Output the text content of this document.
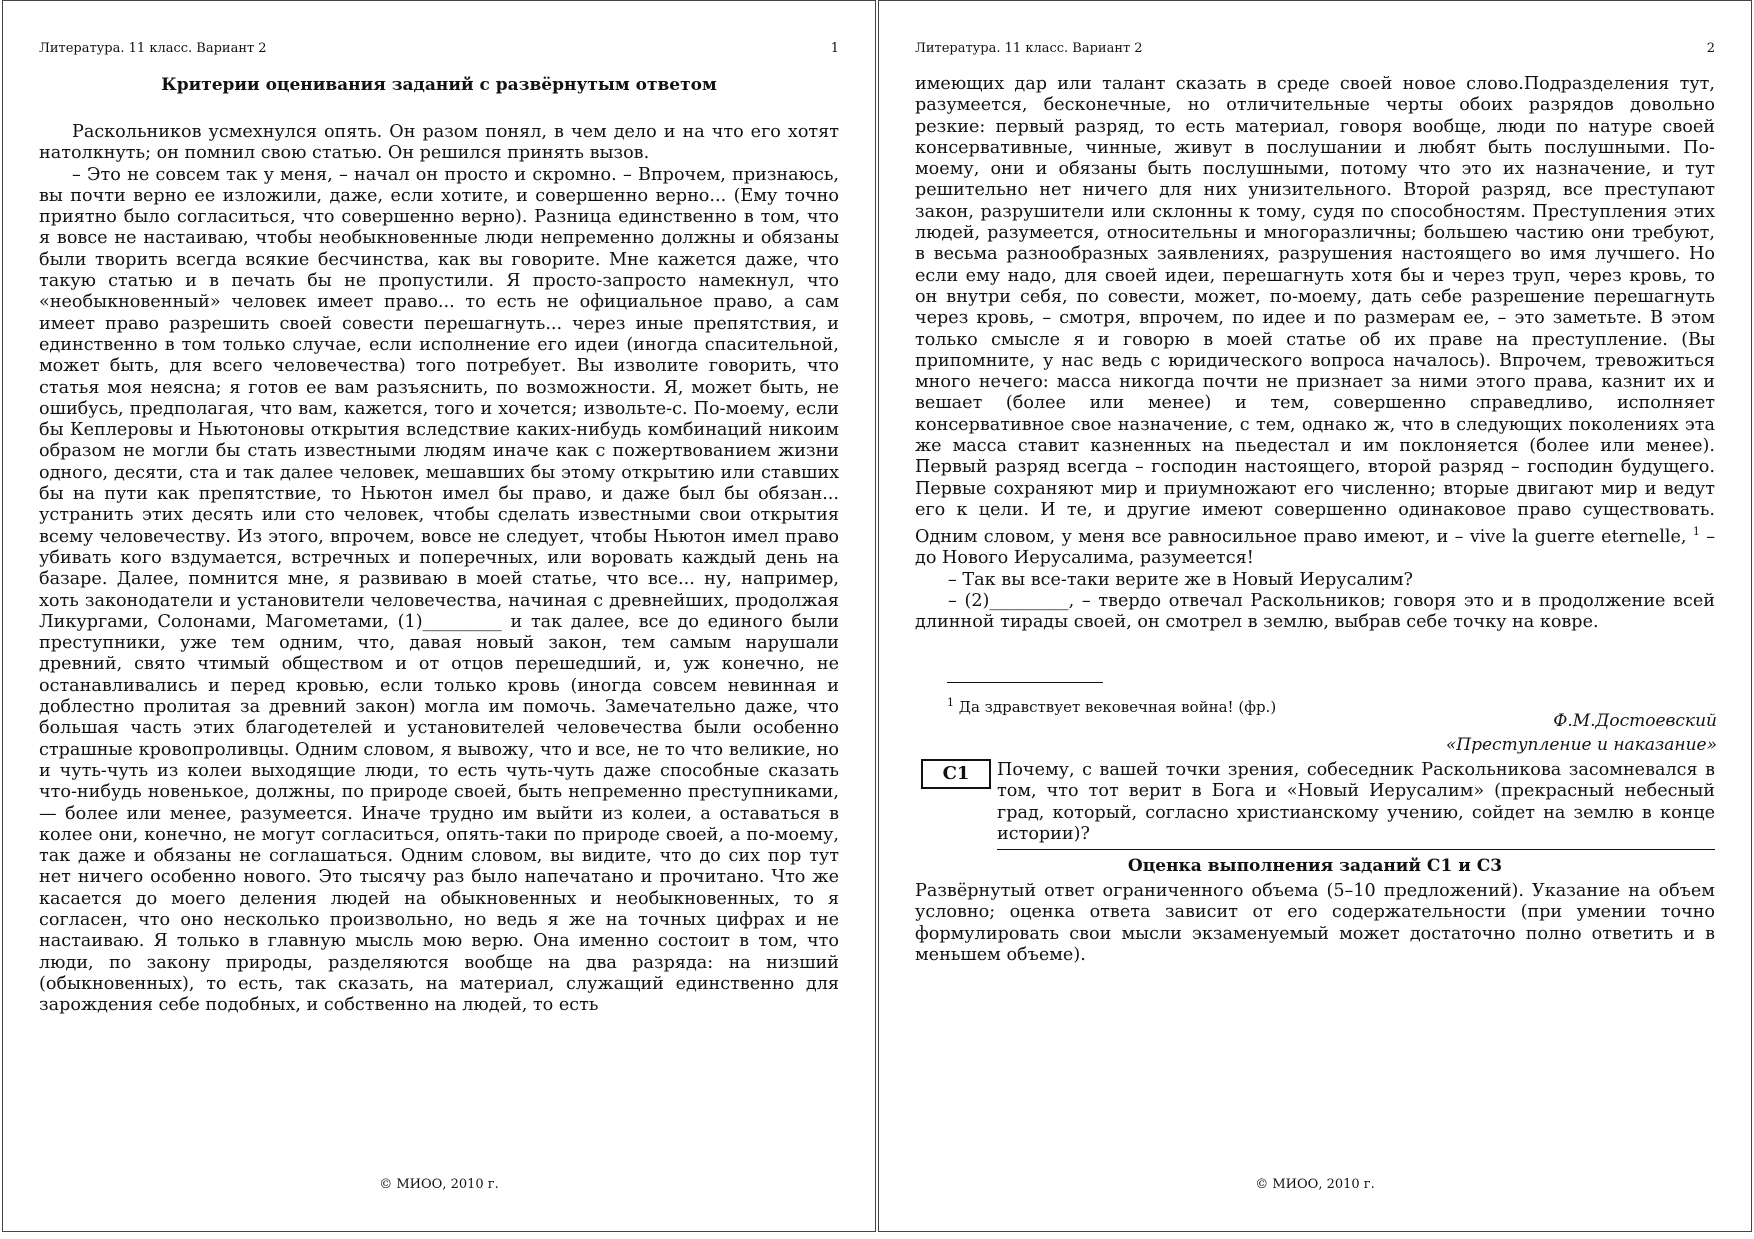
Литература. 11 класс. Вариант 2	1
Критерии оценивания заданий с развёрнутым ответом

Раскольников усмехнулся опять. Он разом понял, в чем дело и на что его хотят натолкнуть; он помнил свою статью. Он решился принять вызов.

– Это не совсем так у меня, – начал он просто и скромно. – Впрочем, признаюсь, вы почти верно ее изложили, даже, если хотите, и совершенно верно... (Ему точно приятно было согласиться, что совершенно верно). Разница единственно в том, что я вовсе не настаиваю, чтобы необыкновенные люди непременно должны и обязаны были творить всегда всякие бесчинства, как вы говорите. Мне кажется даже, что такую статью и в печать бы не пропустили. Я просто-запросто намекнул, что «необыкновенный» человек имеет право... то есть не официальное право, а сам имеет право разрешить своей совести перешагнуть... через иные препятствия, и единственно в том только случае, если исполнение его идеи (иногда спасительной, может быть, для всего человечества) того потребует. Вы изволите говорить, что статья моя неясна; я готов ее вам разъяснить, по возможности. Я, может быть, не ошибусь, предполагая, что вам, кажется, того и хочется; извольте-с. По-моему, если бы Кеплеровы и Ньютоновы открытия вследствие каких-нибудь комбинаций никоим образом не могли бы стать известными людям иначе как с пожертвованием жизни одного, десяти, ста и так далее человек, мешавших бы этому открытию или ставших бы на пути как препятствие, то Ньютон имел бы право, и даже был бы обязан... устранить этих десять или сто человек, чтобы сделать известными свои открытия всему человечеству. Из этого, впрочем, вовсе не следует, чтобы Ньютон имел право убивать кого вздумается, встречных и поперечных, или воровать каждый день на базаре. Далее, помнится мне, я развиваю в моей статье, что все... ну, например, хоть законодатели и установители человечества, начиная с древнейших, продолжая Ликургами, Солонами, Магометами, (1)_________ и так далее, все до единого были преступники, уже тем одним, что, давая новый закон, тем самым нарушали древний, свято чтимый обществом и от отцов перешедший, и, уж конечно, не останавливались и перед кровью, если только кровь (иногда совсем невинная и доблестно пролитая за древний закон) могла им помочь. Замечательно даже, что большая часть этих благодетелей и установителей человечества были особенно страшные кровопроливцы. Одним словом, я вывожу, что и все, не то что великие, но и чуть-чуть из колеи выходящие люди, то есть чуть-чуть даже способные сказать что-нибудь новенькое, должны, по природе своей, быть непременно преступниками, — более или менее, разумеется. Иначе трудно им выйти из колеи, а оставаться в колее они, конечно, не могут согласиться, опять-таки по природе своей, а по-моему, так даже и обязаны не соглашаться. Одним словом, вы видите, что до сих пор тут нет ничего особенно нового. Это тысячу раз было напечатано и прочитано. Что же касается до моего деления людей на обыкновенных и необыкновенных, то я согласен, что оно несколько произвольно, но ведь я же на точных цифрах и не настаиваю. Я только в главную мысль мою верю. Она именно состоит в том, что люди, по закону природы, разделяются вообще на два разряда: на низший (обыкновенных), то есть, так сказать, на материал, служащий единственно для зарождения себе подобных, и собственно на людей, то есть

© МИОО, 2010 г.
Литература. 11 класс. Вариант 2	2

имеющих дар или талант сказать в среде своей новое слово.Подразделения тут, разумеется, бесконечные, но отличительные черты обоих разрядов довольно резкие: первый разряд, то есть материал, говоря вообще, люди по натуре своей консервативные, чинные, живут в послушании и любят быть послушными. По-моему, они и обязаны быть послушными, потому что это их назначение, и тут решительно нет ничего для них унизительного. Второй разряд, все преступают закон, разрушители или склонны к тому, судя по способностям. Преступления этих людей, разумеется, относительны и многоразличны; большею частию они требуют, в весьма разнообразных заявлениях, разрушения настоящего во имя лучшего. Но если ему надо, для своей идеи, перешагнуть хотя бы и через труп, через кровь, то он внутри себя, по совести, может, по-моему, дать себе разрешение перешагнуть через кровь, – смотря, впрочем, по идее и по размерам ее, – это заметьте. В этом только смысле я и говорю в моей статье об их праве на преступление. (Вы припомните, у нас ведь с юридического вопроса началось). Впрочем, тревожиться много нечего: масса никогда почти не признает за ними этого права, казнит их и вешает (более или менее) и тем, совершенно справедливо, исполняет консервативное свое назначение, с тем, однако ж, что в следующих поколениях эта же масса ставит казненных на пьедестал и им поклоняется (более или менее). Первый разряд всегда – господин настоящего, второй разряд – господин будущего. Первые сохраняют мир и приумножают его численно; вторые двигают мир и ведут его к цели. И те, и другие имеют совершенно одинаковое право существовать. Одним словом, у меня все равносильное право имеют, и – vive la guerre eternelle, $^1$ – до Нового Иерусалима, разумеется!

– Так вы все-таки верите же в Новый Иерусалим?

– (2)_________, – твердо отвечал Раскольников; говоря это и в продолжение всей длинной тирады своей, он смотрел в землю, выбрав себе точку на ковре.

$^1$ Да здравствует вековечная война! (фр.)
Ф.М.Достоевский
«Преступление и наказание»
С1	Почему, с вашей точки зрения, собеседник Раскольникова засомневался в том, что тот верит в Бога и «Новый Иерусалим» (прекрасный небесный град, который, согласно христианскому учению, сойдет на землю в конце истории)?
Оценка выполнения заданий С1 и С3
Развёрнутый ответ ограниченного объема (5–10 предложений). Указание на объем условно; оценка ответа зависит от его содержательности (при умении точно формулировать свои мысли экзаменуемый может достаточно полно ответить и в меньшем объеме).
© МИОО, 2010 г.
